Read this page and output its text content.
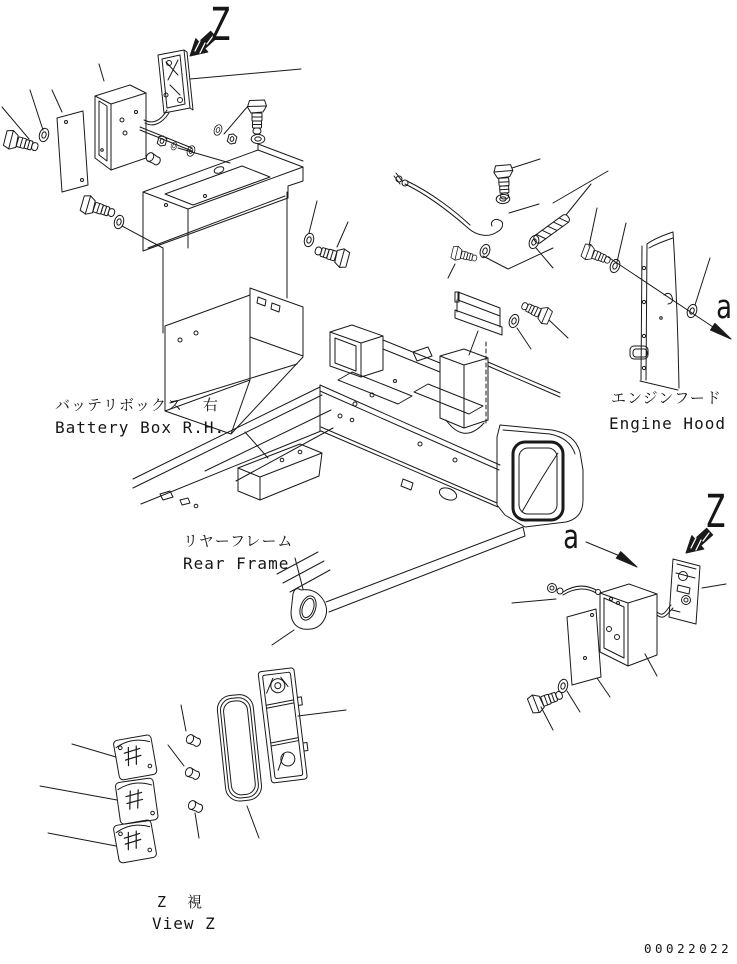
バッテリボックス  右
Battery Box R.H.
エンジンフード
Engine Hood
リヤーフレーム
Rear Frame
Z  視
View Z
Z
Z
a
a
00022022
